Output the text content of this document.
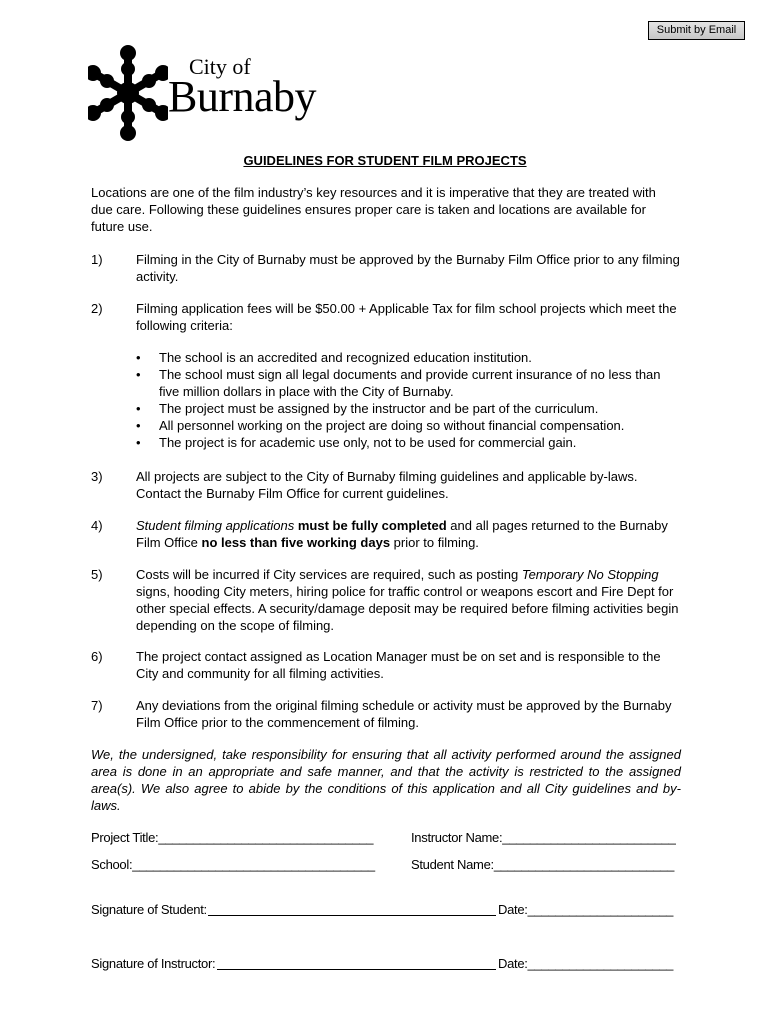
Submit by Email
City of
Burnaby
GUIDELINES FOR STUDENT FILM PROJECTS
Locations are one of the film industry’s key resources and it is imperative that they are treated with due care. Following these guidelines ensures proper care is taken and locations are available for future use.
1)	Filming in the City of Burnaby must be approved by the Burnaby Film Office prior to any filming activity.
2)	Filming application fees will be $50.00 + Applicable Tax for film school projects which meet the following criteria:
• The school is an accredited and recognized education institution.
• The school must sign all legal documents and provide current insurance of no less than five million dollars in place with the City of Burnaby.
• The project must be assigned by the instructor and be part of the curriculum.
• All personnel working on the project are doing so without financial compensation.
• The project is for academic use only, not to be used for commercial gain.
3)	All projects are subject to the City of Burnaby filming guidelines and applicable by-laws. Contact the Burnaby Film Office for current guidelines.
4)	Student filming applications must be fully completed and all pages returned to the Burnaby Film Office no less than five working days prior to filming.
5)	Costs will be incurred if City services are required, such as posting Temporary No Stopping signs, hooding City meters, hiring police for traffic control or weapons escort and Fire Dept for other special effects. A security/damage deposit may be required before filming activities begin depending on the scope of filming.
6)	The project contact assigned as Location Manager must be on set and is responsible to the City and community for all filming activities.
7)	Any deviations from the original filming schedule or activity must be approved by the Burnaby Film Office prior to the commencement of filming.
We, the undersigned, take responsibility for ensuring that all activity performed around the assigned area is done in an appropriate and safe manner, and that the activity is restricted to the assigned area(s). We also agree to abide by the conditions of this application and all City guidelines and by-laws.
Project Title:_______________________________	Instructor Name:_________________________
School:___________________________________	Student Name:__________________________
Signature of Student:	Date:_____________________
Signature of Instructor:	Date:_____________________
